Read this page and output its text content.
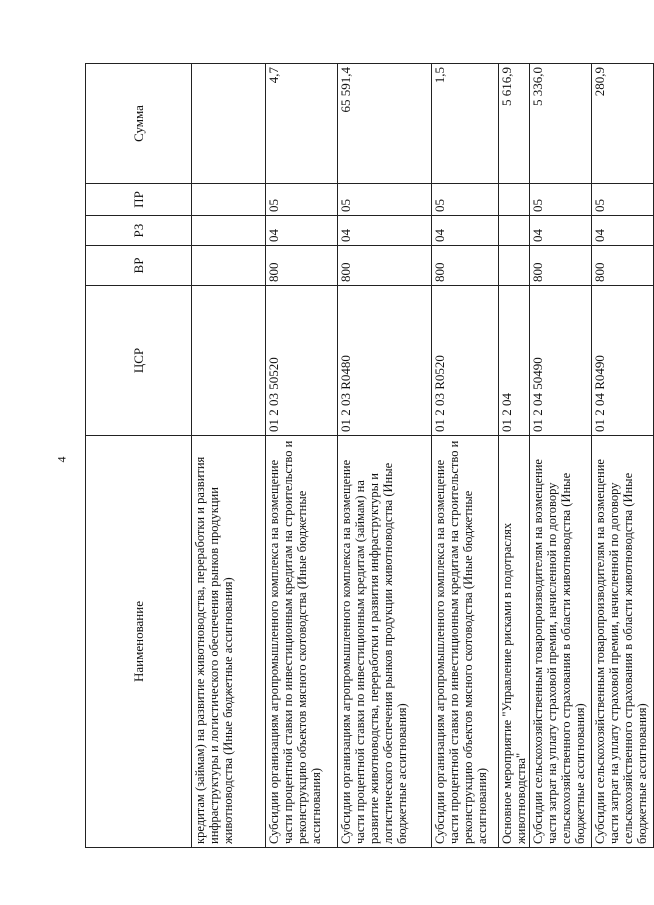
4
Наименование	ЦСР	ВР	РЗ	ПР	Сумма
кредитам (займам) на развитие животноводства, переработки и развития инфраструктуры и логистического обеспечения рынков продукции животноводства (Иные бюджетные ассигнования)					
Субсидии организациям агропромышленного комплекса на возмещение части процентной ставки по инвестиционным кредитам на строительство и реконструкцию объектов мясного скотоводства (Иные бюджетные ассигнования)	01 2 03 50520	800	04	05	4,7
Субсидии организациям агропромышленного комплекса на возмещение части процентной ставки по инвестиционным кредитам (займам) на развитие животноводства, переработки и развития инфраструктуры и логистического обеспечения рынков продукции животноводства (Иные бюджетные ассигнования)	01 2 03 R0480	800	04	05	65 591,4
Субсидии организациям агропромышленного комплекса на возмещение части процентной ставки по инвестиционным кредитам на строительство и реконструкцию объектов мясного скотоводства (Иные бюджетные ассигнования)	01 2 03 R0520	800	04	05	1,5
Основное мероприятие "Управление рисками в подотраслях животноводства"	01 2 04				5 616,9
Субсидии сельскохозяйственным товаропроизводителям на возмещение части затрат на уплату страховой премии, начисленной по договору сельскохозяйственного страхования в области животноводства (Иные бюджетные ассигнования)	01 2 04 50490	800	04	05	5 336,0
Субсидии сельскохозяйственным товаропроизводителям на возмещение части затрат на уплату страховой премии, начисленной по договору сельскохозяйственного страхования в области животноводства (Иные бюджетные ассигнования)	01 2 04 R0490	800	04	05	280,9
